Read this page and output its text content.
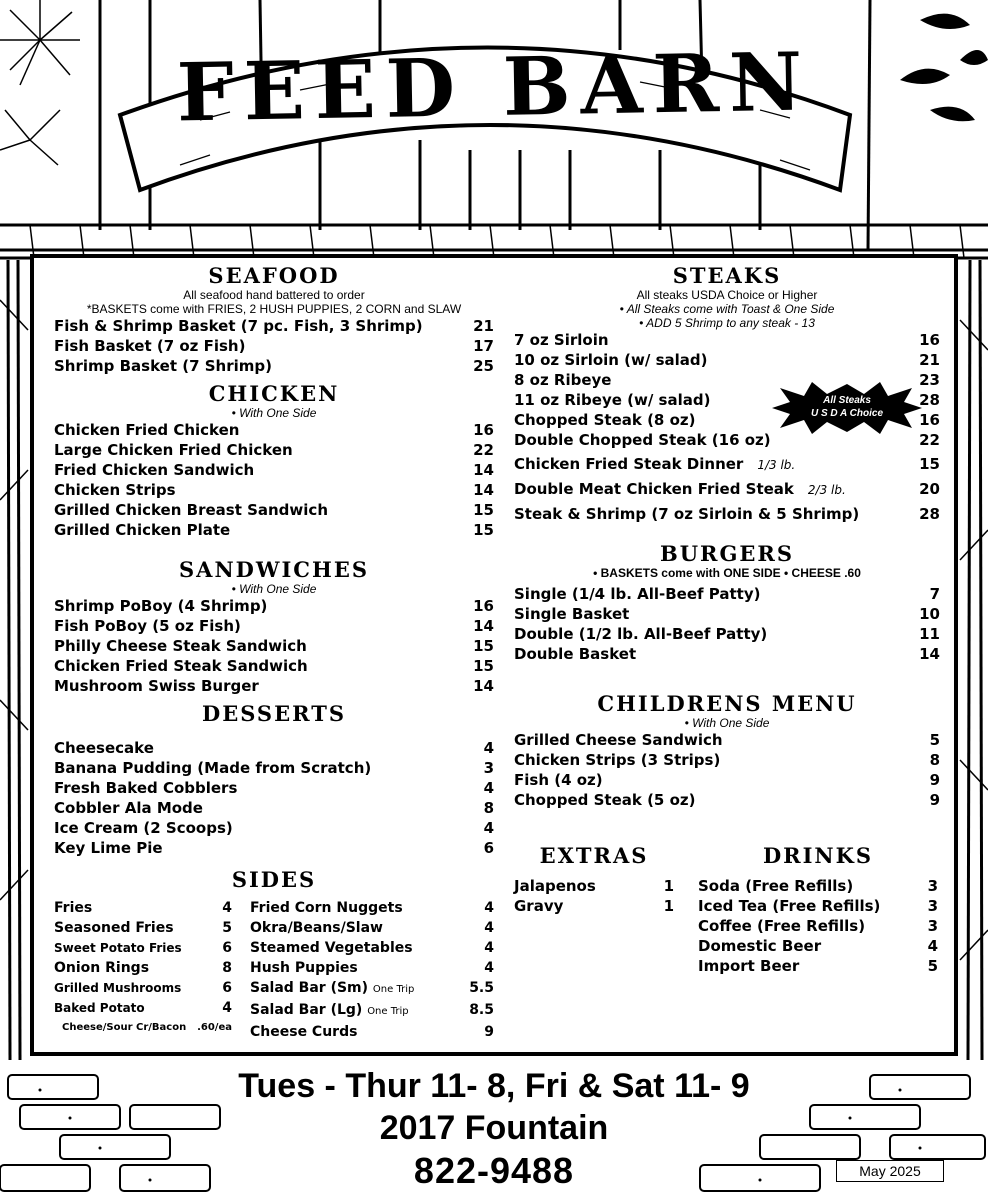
FEED BARN
SEAFOOD
All seafood hand battered to order
*BASKETS come with FRIES, 2 HUSH PUPPIES, 2 CORN and SLAW
Fish & Shrimp Basket (7 pc. Fish, 3 Shrimp)	21
Fish Basket (7 oz Fish)	17
Shrimp Basket (7 Shrimp)	25
CHICKEN
• With One Side
Chicken Fried Chicken	16
Large Chicken Fried Chicken	22
Fried Chicken Sandwich	14
Chicken Strips	14
Grilled Chicken Breast Sandwich	15
Grilled Chicken Plate	15
SANDWICHES
• With One Side
Shrimp PoBoy (4 Shrimp)	16
Fish PoBoy (5 oz Fish)	14
Philly Cheese Steak Sandwich	15
Chicken Fried Steak Sandwich	15
Mushroom Swiss Burger	14
DESSERTS
Cheesecake	4
Banana Pudding (Made from Scratch)	3
Fresh Baked Cobblers	4
Cobbler Ala Mode	8
Ice Cream (2 Scoops)	4
Key Lime Pie	6
SIDES
Fries	4
Seasoned Fries	5
Sweet Potato Fries	6
Onion Rings	8
Grilled Mushrooms	6
Baked Potato	4
Cheese/Sour Cr/Bacon .60/ea
Fried Corn Nuggets	4
Okra/Beans/Slaw	4
Steamed Vegetables	4
Hush Puppies	4
Salad Bar (Sm) One Trip	5.5
Salad Bar (Lg) One Trip	8.5
Cheese Curds	9
STEAKS
All steaks USDA Choice or Higher
• All Steaks come with Toast & One Side
• ADD 5 Shrimp to any steak - 13
7 oz Sirloin	16
10 oz Sirloin (w/ salad)	21
8 oz Ribeye	23
11 oz Ribeye (w/ salad)	28
Chopped Steak (8 oz)	16
Double Chopped Steak (16 oz)	22
Chicken Fried Steak Dinner 1/3 lb.	15
Double Meat Chicken Fried Steak 2/3 lb.	20
Steak & Shrimp (7 oz Sirloin & 5 Shrimp)	28
All Steaks
U S D A Choice
BURGERS
• BASKETS come with ONE SIDE • CHEESE .60
Single (1/4 lb. All-Beef Patty)	7
Single Basket	10
Double (1/2 lb. All-Beef Patty)	11
Double Basket	14
CHILDRENS MENU
• With One Side
Grilled Cheese Sandwich	5
Chicken Strips (3 Strips)	8
Fish (4 oz)	9
Chopped Steak (5 oz)	9
EXTRAS
Jalapenos	1
Gravy	1
DRINKS
Soda (Free Refills)	3
Iced Tea (Free Refills)	3
Coffee (Free Refills)	3
Domestic Beer	4
Import Beer	5
Tues - Thur 11- 8, Fri & Sat 11- 9
2017 Fountain
822-9488	May 2025
